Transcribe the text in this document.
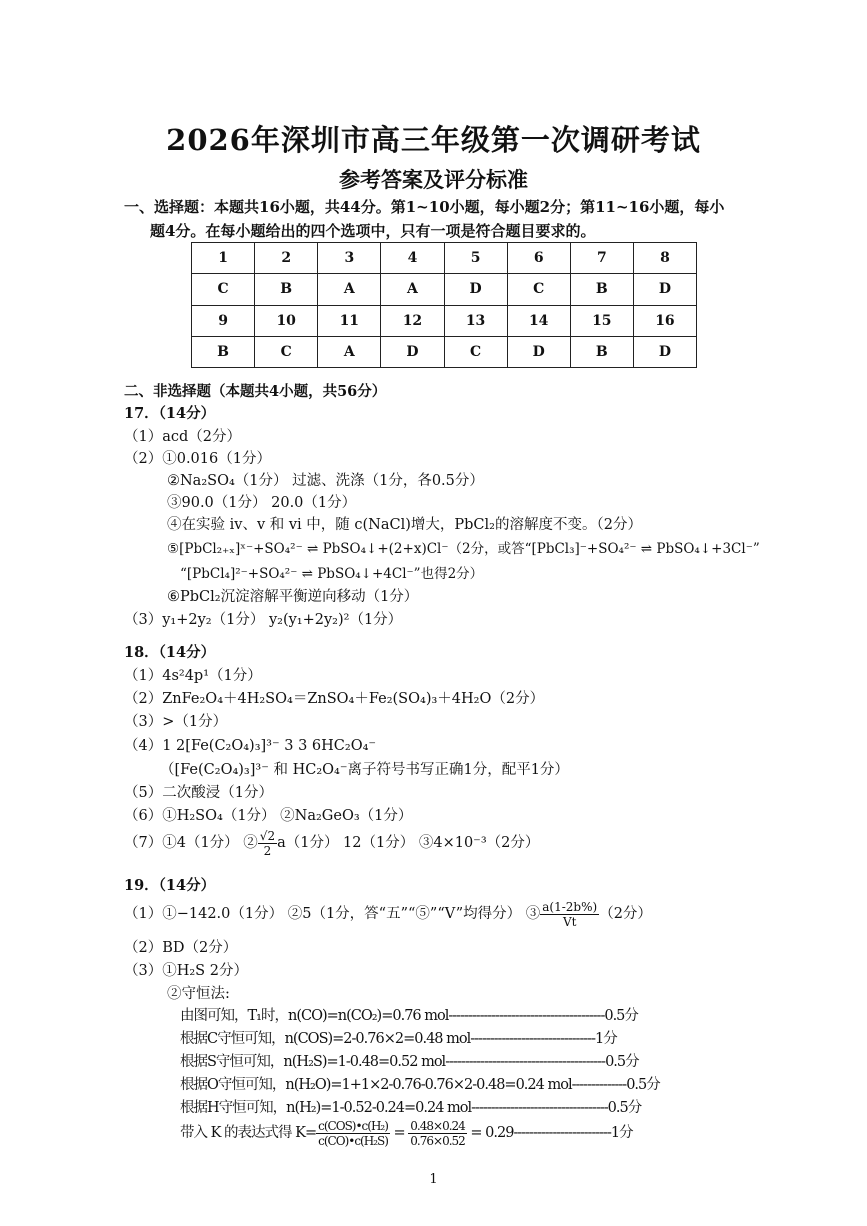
2026年深圳市高三年级第一次调研考试
参考答案及评分标准
一、选择题：本题共16小题，共44分。第1~10小题，每小题2分；第11~16小题，每小
题4分。在每小题给出的四个选项中，只有一项是符合题目要求的。
1	2	3	4	5	6	7	8
C	B	A	A	D	C	B	D
9	10	11	12	13	14	15	16
B	C	A	D	C	D	B	D
二、非选择题（本题共4小题，共56分）
17．（14分）
（1）acd（2分）
（2）①0.016（1分）
②Na₂SO₄（1分） 过滤、洗涤（1分，各0.5分）
③90.0（1分） 20.0（1分）
④在实验 iv、v 和 vi 中，随 c(NaCl)增大，PbCl₂的溶解度不变。（2分）
⑤[PbCl₂₊ₓ]ˣ⁻+SO₄²⁻ ⇌ PbSO₄↓+(2+x)Cl⁻（2分，或答“[PbCl₃]⁻+SO₄²⁻ ⇌ PbSO₄↓+3Cl⁻”
“[PbCl₄]²⁻+SO₄²⁻ ⇌ PbSO₄↓+4Cl⁻”也得2分）
⑥PbCl₂沉淀溶解平衡逆向移动（1分）
（3）y₁+2y₂（1分） y₂(y₁+2y₂)²（1分）
18．（14分）
（1）4s²4p¹（1分）
（2）ZnFe₂O₄＋4H₂SO₄＝ZnSO₄＋Fe₂(SO₄)₃＋4H₂O（2分）
（3）>（1分）
（4）1 2[Fe(C₂O₄)₃]³⁻ 3 3 6HC₂O₄⁻
（[Fe(C₂O₄)₃]³⁻ 和 HC₂O₄⁻离子符号书写正确1分，配平1分）
（5）二次酸浸（1分）
（6）①H₂SO₄（1分） ②Na₂GeO₃（1分）
（7）①4（1分） ② $\frac{√2}{2} a(1$分） 12（1分） ③4×10⁻³（2分）
19．（14分）
（1）①−142.0（1分） ②5（1分，答“五”“⑤”“V”均得分） ③ $\frac{a(1-2b\%)}{Vt} (2$分）
（2）BD（2分）
（3）①H₂S 2分）
②守恒法:
由图可知，T₁时，n(CO)=n(CO₂)=0.76 mol----------------------------------------0.5分
根据C守恒可知，n(COS)=2-0.76×2=0.48 mol--------------------------------1分
根据S守恒可知，n(H₂S)=1-0.48=0.52 mol-----------------------------------------0.5分
根据O守恒可知，n(H₂O)=1+1×2-0.76-0.76×2-0.48=0.24 mol--------------0.5分
根据H守恒可知，n(H₂)=1-0.52-0.24=0.24 mol-----------------------------------0.5分
带入 K 的表达式得 $K= \frac{\text{c(COS)•c(H₂)}}{\text{c(CO)•c(H₂S)}} = \frac{0.48\times 0.24}{0.76\times 0.52} = 0.29-------------------------1$分
1
